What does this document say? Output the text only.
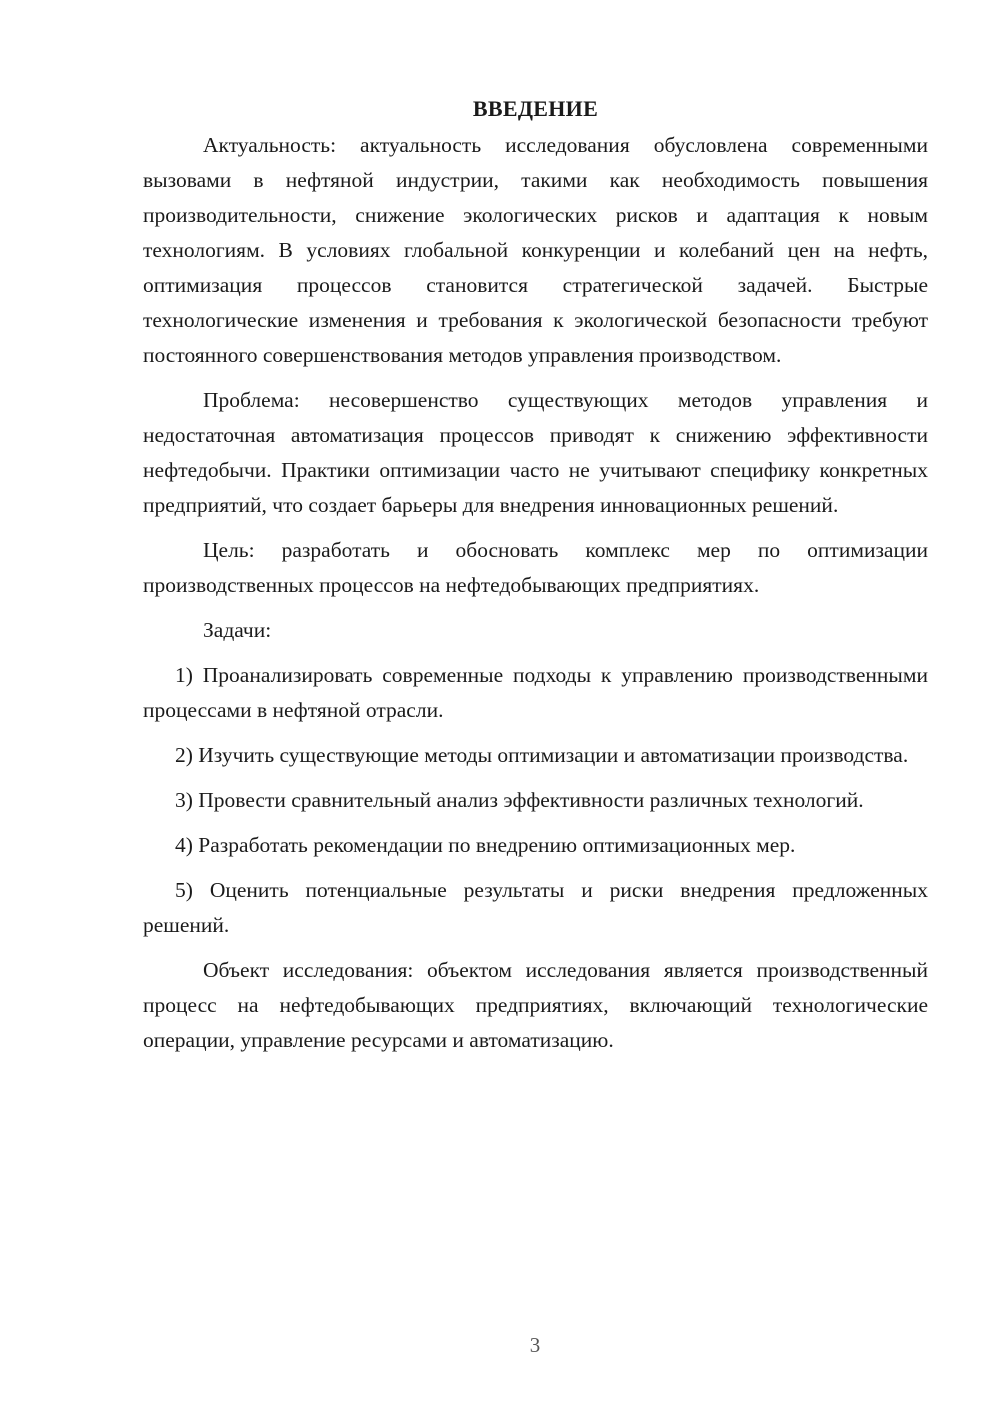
ВВЕДЕНИЕ

Актуальность: актуальность исследования обусловлена современными вызовами в нефтяной индустрии, такими как необходимость повышения производительности, снижение экологических рисков и адаптация к новым технологиям. В условиях глобальной конкуренции и колебаний цен на нефть, оптимизация процессов становится стратегической задачей. Быстрые технологические изменения и требования к экологической безопасности требуют постоянного совершенствования методов управления производством.

Проблема: несовершенство существующих методов управления и недостаточная автоматизация процессов приводят к снижению эффективности нефтедобычи. Практики оптимизации часто не учитывают специфику конкретных предприятий, что создает барьеры для внедрения инновационных решений.

Цель: разработать и обосновать комплекс мер по оптимизации производственных процессов на нефтедобывающих предприятиях.

Задачи:

1) Проанализировать современные подходы к управлению производственными процессами в нефтяной отрасли.

2) Изучить существующие методы оптимизации и автоматизации производства.

3) Провести сравнительный анализ эффективности различных технологий.

4) Разработать рекомендации по внедрению оптимизационных мер.

5) Оценить потенциальные результаты и риски внедрения предложенных решений.

Объект исследования: объектом исследования является производственный процесс на нефтедобывающих предприятиях, включающий технологические операции, управление ресурсами и автоматизацию.

3
